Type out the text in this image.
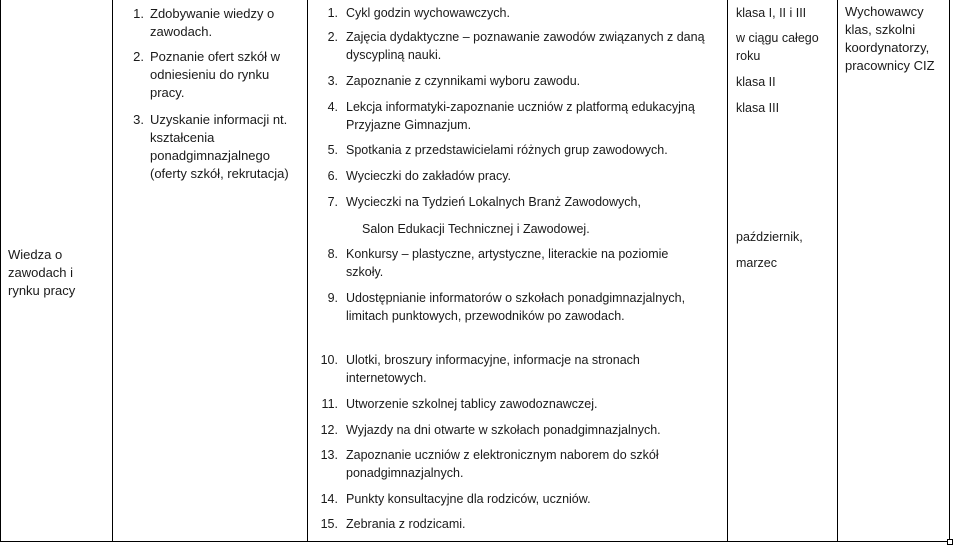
Wiedza o zawodach i rynku pracy
1. Zdobywanie wiedzy o zawodach.
2. Poznanie ofert szkół w odniesieniu do rynku pracy.
3. Uzyskanie informacji nt. kształcenia ponadgimnazjalnego (oferty szkół, rekrutacja)
1. Cykl godzin wychowawczych.
2. Zajęcia dydaktyczne – poznawanie zawodów związanych z daną dyscypliną nauki.
3. Zapoznanie z czynnikami wyboru zawodu.
4. Lekcja informatyki-zapoznanie uczniów z platformą edukacyjną Przyjazne Gimnazjum.
5. Spotkania z przedstawicielami różnych grup zawodowych.
6. Wycieczki do zakładów pracy.
7. Wycieczki na Tydzień Lokalnych Branż Zawodowych,
8. Konkursy – plastyczne, artystyczne, literackie na poziomie szkoły.
9. Udostępnianie informatorów o szkołach ponadgimnazjalnych, limitach punktowych, przewodników po zawodach.
10. Ulotki, broszury informacyjne, informacje na stronach internetowych.
11. Utworzenie szkolnej tablicy zawodoznawczej.
12. Wyjazdy na dni otwarte w szkołach ponadgimnazjalnych.
13. Zapoznanie uczniów z elektronicznym naborem do szkół ponadgimnazjalnych.
14. Punkty konsultacyjne dla rodziców, uczniów.
15. Zebrania z rodzicami.
Salon Edukacji Technicznej i Zawodowej.
klasa I, II i III
w ciągu całego roku
klasa II
klasa III
październik,
marzec
Wychowawcy klas, szkolni koordynatorzy, pracownicy CIZ
